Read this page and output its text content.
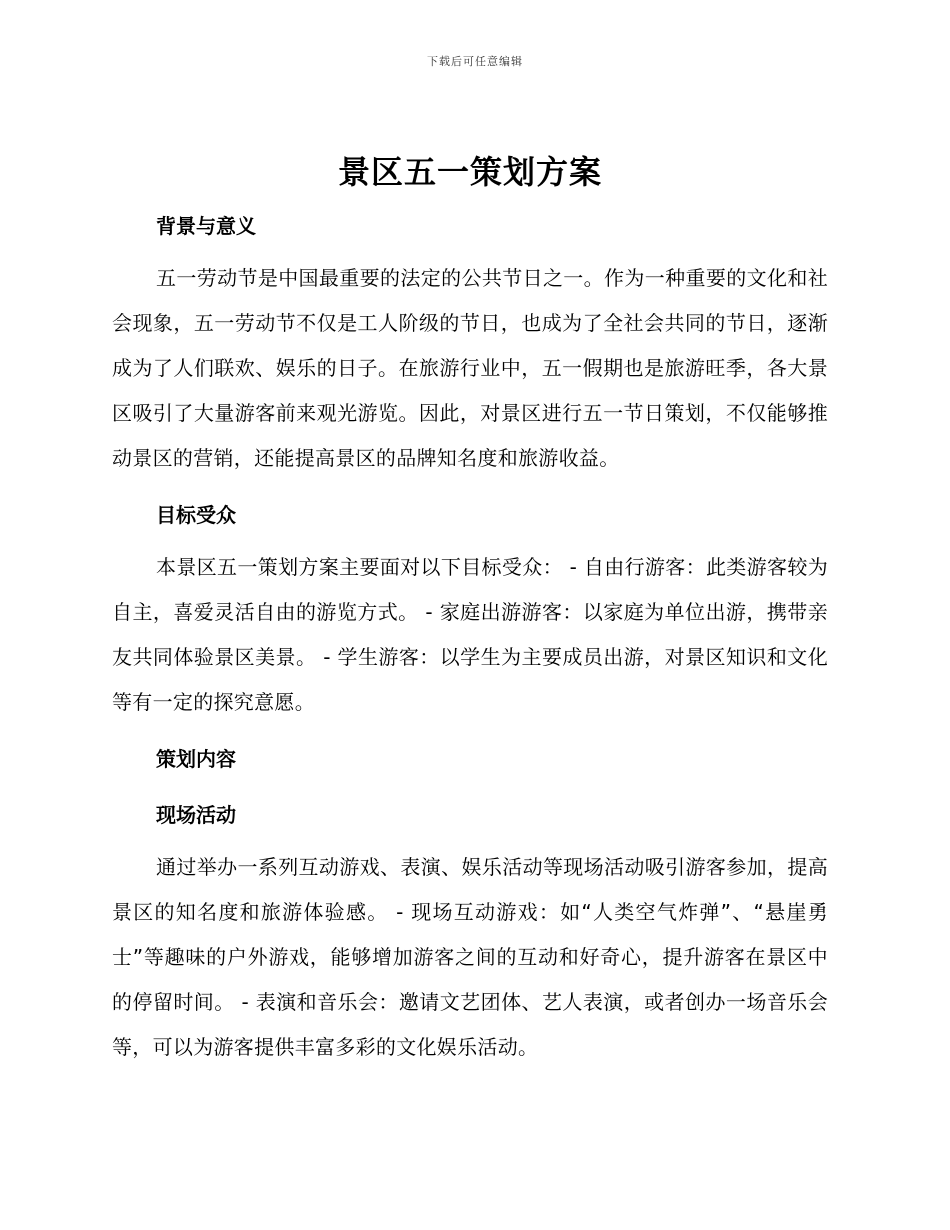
下载后可任意编辑
景区五一策划方案
背景与意义

五一劳动节是中国最重要的法定的公共节日之一。作为一种重要的文化和社会现象，五一劳动节不仅是工人阶级的节日，也成为了全社会共同的节日，逐渐成为了人们联欢、娱乐的日子。在旅游行业中，五一假期也是旅游旺季，各大景区吸引了大量游客前来观光游览。因此，对景区进行五一节日策划，不仅能够推动景区的营销，还能提高景区的品牌知名度和旅游收益。

目标受众

本景区五一策划方案主要面对以下目标受众： - 自由行游客：此类游客较为自主，喜爱灵活自由的游览方式。 - 家庭出游游客：以家庭为单位出游，携带亲友共同体验景区美景。 - 学生游客：以学生为主要成员出游，对景区知识和文化等有一定的探究意愿。

策划内容
现场活动

通过举办一系列互动游戏、表演、娱乐活动等现场活动吸引游客参加，提高景区的知名度和旅游体验感。 - 现场互动游戏：如“人类空气炸弹”、“悬崖勇士”等趣味的户外游戏，能够增加游客之间的互动和好奇心，提升游客在景区中的停留时间。 - 表演和音乐会：邀请文艺团体、艺人表演，或者创办一场音乐会等，可以为游客提供丰富多彩的文化娱乐活动。
